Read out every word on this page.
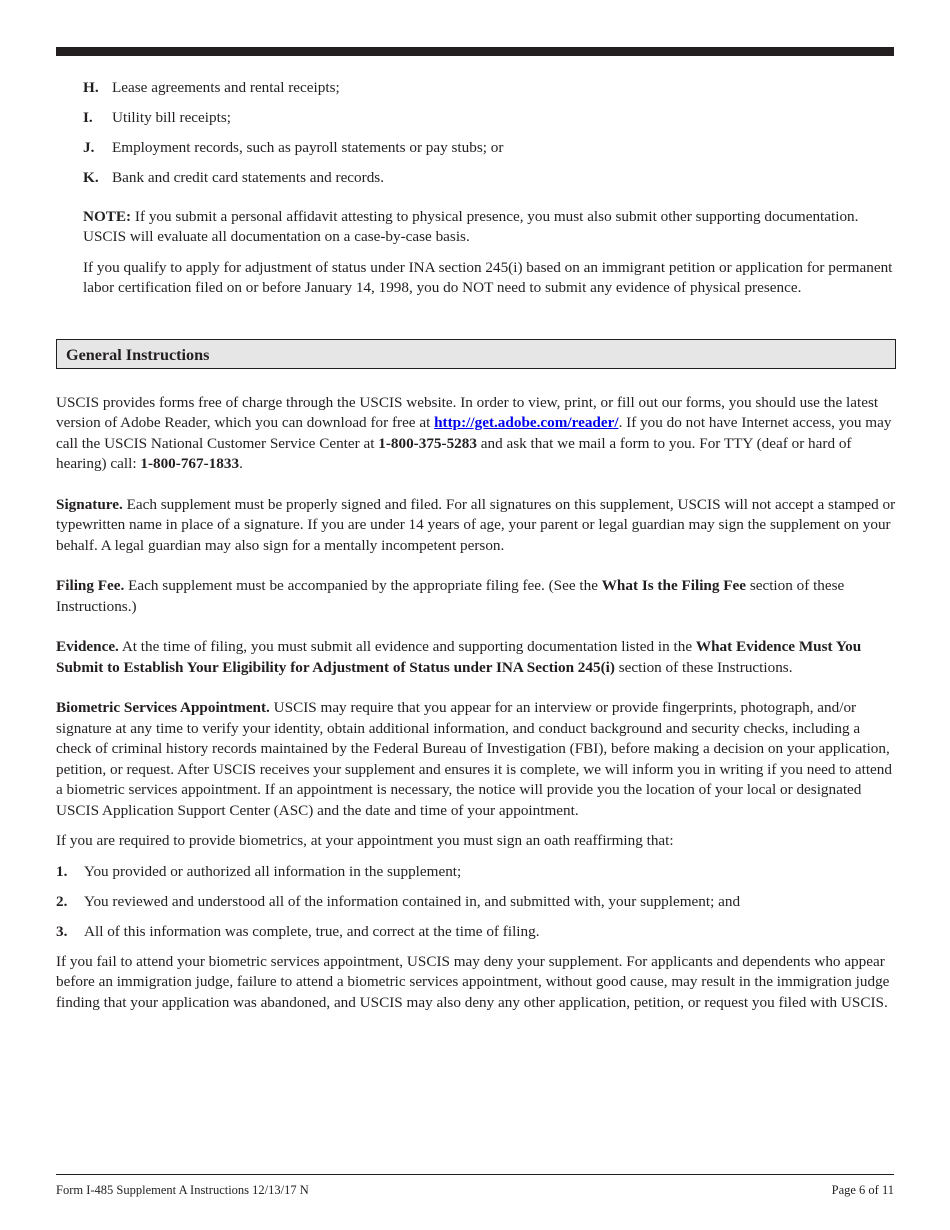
H. Lease agreements and rental receipts;
I.	Utility bill receipts;
J.	Employment records, such as payroll statements or pay stubs; or
K. Bank and credit card statements and records.

NOTE: If you submit a personal affidavit attesting to physical presence, you must also submit other supporting documentation. USCIS will evaluate all documentation on a case-by-case basis.

If you qualify to apply for adjustment of status under INA section 245(i) based on an immigrant petition or application for permanent labor certification filed on or before January 14, 1998, you do NOT need to submit any evidence of physical presence.

General Instructions

USCIS provides forms free of charge through the USCIS website. In order to view, print, or fill out our forms, you should use the latest version of Adobe Reader, which you can download for free at http://get.adobe.com/reader/. If you do not have Internet access, you may call the USCIS National Customer Service Center at 1-800-375-5283 and ask that we mail a form to you. For TTY (deaf or hard of hearing) call: 1-800-767-1833.

Signature. Each supplement must be properly signed and filed. For all signatures on this supplement, USCIS will not accept a stamped or typewritten name in place of a signature. If you are under 14 years of age, your parent or legal guardian may sign the supplement on your behalf. A legal guardian may also sign for a mentally incompetent person.

Filing Fee. Each supplement must be accompanied by the appropriate filing fee. (See the What Is the Filing Fee section of these Instructions.)

Evidence. At the time of filing, you must submit all evidence and supporting documentation listed in the What Evidence Must You Submit to Establish Your Eligibility for Adjustment of Status under INA Section 245(i) section of these Instructions.

Biometric Services Appointment. USCIS may require that you appear for an interview or provide fingerprints, photograph, and/or signature at any time to verify your identity, obtain additional information, and conduct background and security checks, including a check of criminal history records maintained by the Federal Bureau of Investigation (FBI), before making a decision on your application, petition, or request. After USCIS receives your supplement and ensures it is complete, we will inform you in writing if you need to attend a biometric services appointment. If an appointment is necessary, the notice will provide you the location of your local or designated USCIS Application Support Center (ASC) and the date and time of your appointment.

If you are required to provide biometrics, at your appointment you must sign an oath reaffirming that:

1.	You provided or authorized all information in the supplement;
2.	You reviewed and understood all of the information contained in, and submitted with, your supplement; and
3.	All of this information was complete, true, and correct at the time of filing.

If you fail to attend your biometric services appointment, USCIS may deny your supplement. For applicants and dependents who appear before an immigration judge, failure to attend a biometric services appointment, without good cause, may result in the immigration judge finding that your application was abandoned, and USCIS may also deny any other application, petition, or request you filed with USCIS.

Form I-485 Supplement A Instructions 12/13/17 N	Page 6 of 11
